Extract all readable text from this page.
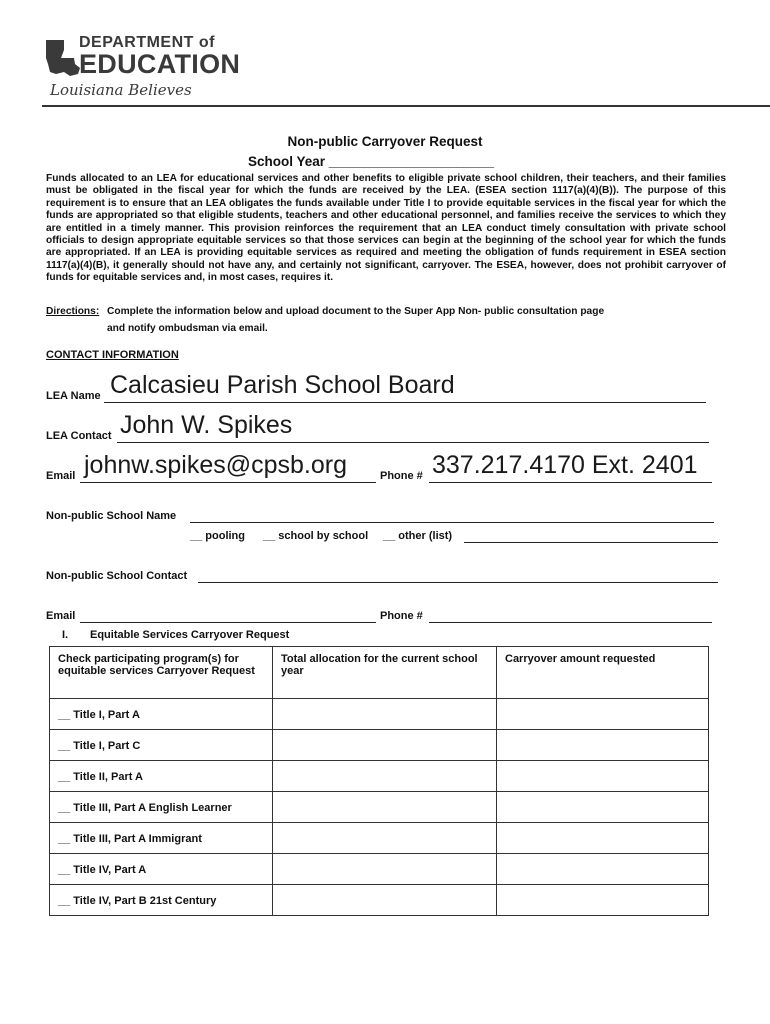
DEPARTMENT of
EDUCATION
Louisiana Believes
Non-public Carryover Request
School Year ______________________
Funds allocated to an LEA for educational services and other benefits to eligible private school children, their teachers, and their families must be obligated in the fiscal year for which the funds are received by the LEA. (ESEA section 1117(a)(4)(B)). The purpose of this requirement is to ensure that an LEA obligates the funds available under Title I to provide equitable services in the fiscal year for which the funds are appropriated so that eligible students, teachers and other educational personnel, and families receive the services to which they are entitled in a timely manner. This provision reinforces the requirement that an LEA conduct timely consultation with private school officials to design appropriate equitable services so that those services can begin at the beginning of the school year for which the funds are appropriated. If an LEA is providing equitable services as required and meeting the obligation of funds requirement in ESEA section 1117(a)(4)(B), it generally should not have any, and certainly not significant, carryover. The ESEA, however, does not prohibit carryover of funds for equitable services and, in most cases, requires it.
Directions: Complete the information below and upload document to the Super App Non- public consultation page
and notify ombudsman via email.
CONTACT INFORMATION
LEA Name Calcasieu Parish School Board
LEA Contact John W. Spikes
Email johnw.spikes@cpsb.org	Phone # 337.217.4170 Ext. 2401
Non-public School Name
__ pooling __ school by school __ other (list)
Non-public School Contact
Email	Phone #
I. Equitable Services Carryover Request
Check participating program(s) for equitable services Carryover Request	Total allocation for the current school year	Carryover amount requested
__ Title I, Part A		
__ Title I, Part C		
__ Title II, Part A		
__ Title III, Part A English Learner		
__ Title III, Part A Immigrant		
__ Title IV, Part A		
__ Title IV, Part B 21st Century		
